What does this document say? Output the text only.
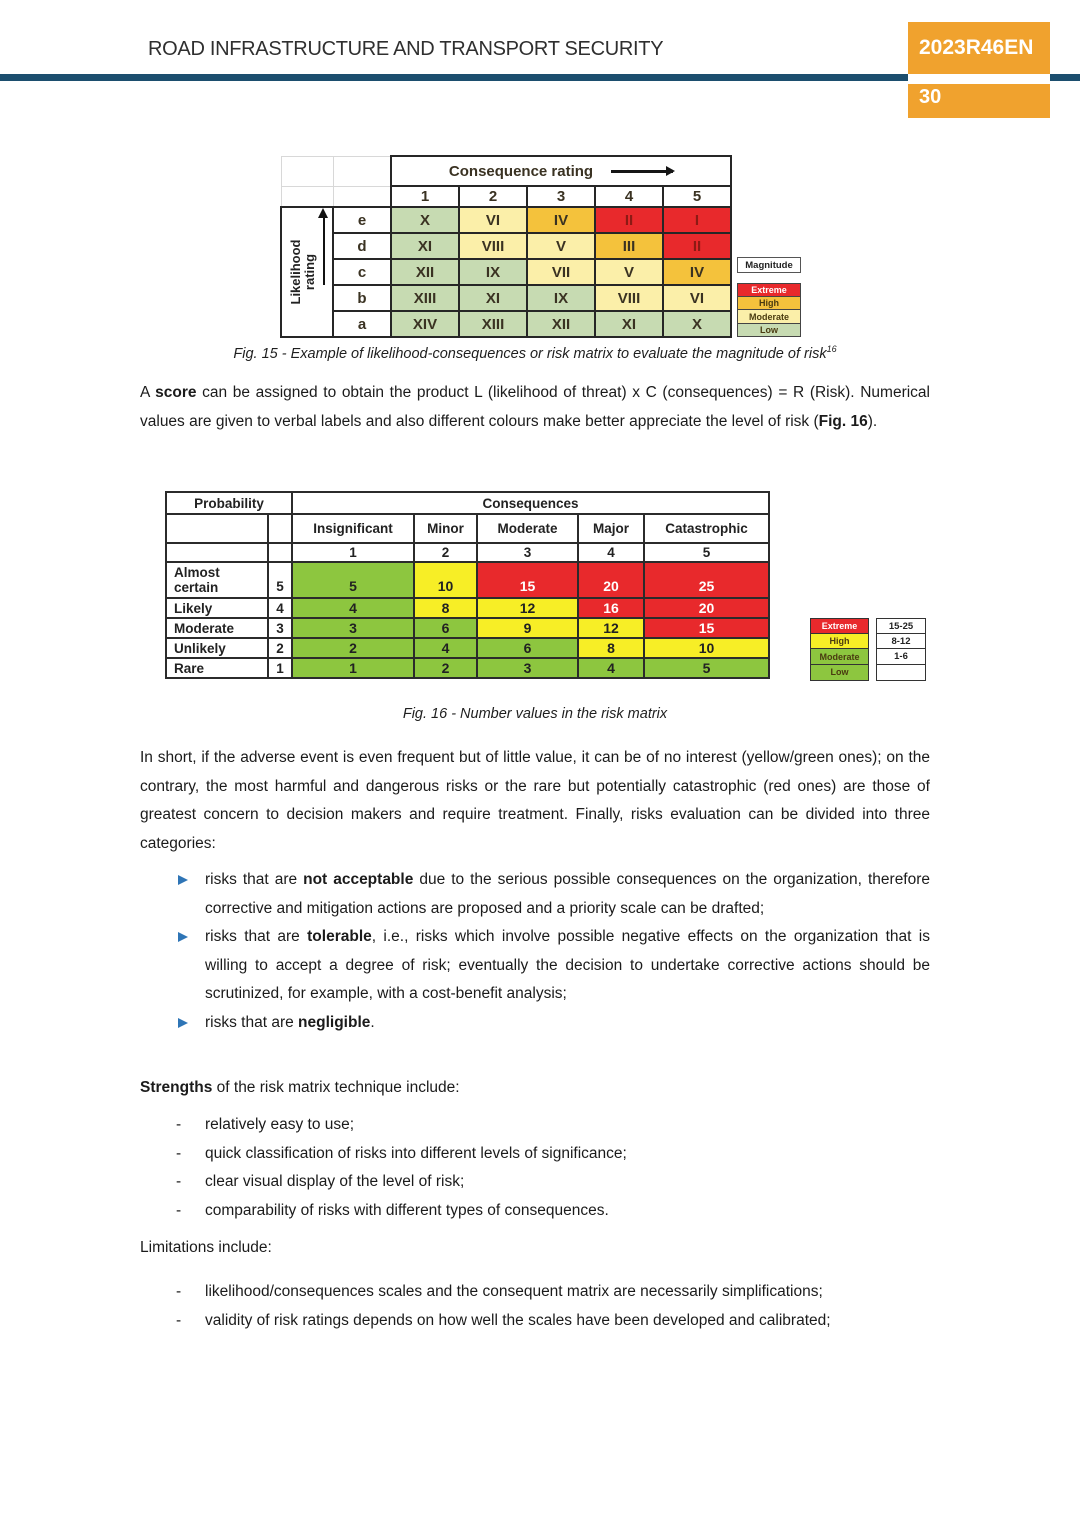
ROAD INFRASTRUCTURE AND TRANSPORT SECURITY	2023R46EN
30
		Consequence rating				
		1	2	3	4	5

Likelihood
rating	e	X	VI	IV	II	I
	d	XI	VIII	V	III	II
	c	XII	IX	VII	V	IV
	b	XIII	XI	IX	VIII	VI
	a	XIV	XIII	XII	XI	X
Magnitude
Extreme
High
Moderate
Low
Fig. 15 - Example of likelihood-consequences or risk matrix to evaluate the magnitude of risk$^{16}$
A score can be assigned to obtain the product L (likelihood of threat) x C (consequences) = R (Risk). Numerical values are given to verbal labels and also different colours make better appreciate the level of risk (Fig. 16).
Probability		Consequences				
		Insignificant	Minor	Moderate	Major	Catastrophic
		1	2	3	4	5
Almost
certain	5	5	10	15	20	25
Likely	4	4	8	12	16	20
Moderate	3	3	6	9	12	15
Unlikely	2	2	4	6	8	10
Rare	1	1	2	3	4	5
Extreme	15-25
High	8-12
Moderate	1-6
Low
Fig. 16 - Number values in the risk matrix
In short, if the adverse event is even frequent but of little value, it can be of no interest (yellow/green ones); on the contrary, the most harmful and dangerous risks or the rare but potentially catastrophic (red ones) are those of greatest concern to decision makers and require treatment. Finally, risks evaluation can be divided into three categories:
risks that are not acceptable due to the serious possible consequences on the organization, therefore corrective and mitigation actions are proposed and a priority scale can be drafted;
risks that are tolerable, i.e., risks which involve possible negative effects on the organization that is willing to accept a degree of risk; eventually the decision to undertake corrective actions should be scrutinized, for example, with a cost-benefit analysis;
risks that are negligible.
Strengths of the risk matrix technique include:
-	relatively easy to use;
-	quick classification of risks into different levels of significance;
-	clear visual display of the level of risk;
-	comparability of risks with different types of consequences.
Limitations include:
-	likelihood/consequences scales and the consequent matrix are necessarily simplifications;
-	validity of risk ratings depends on how well the scales have been developed and calibrated;
